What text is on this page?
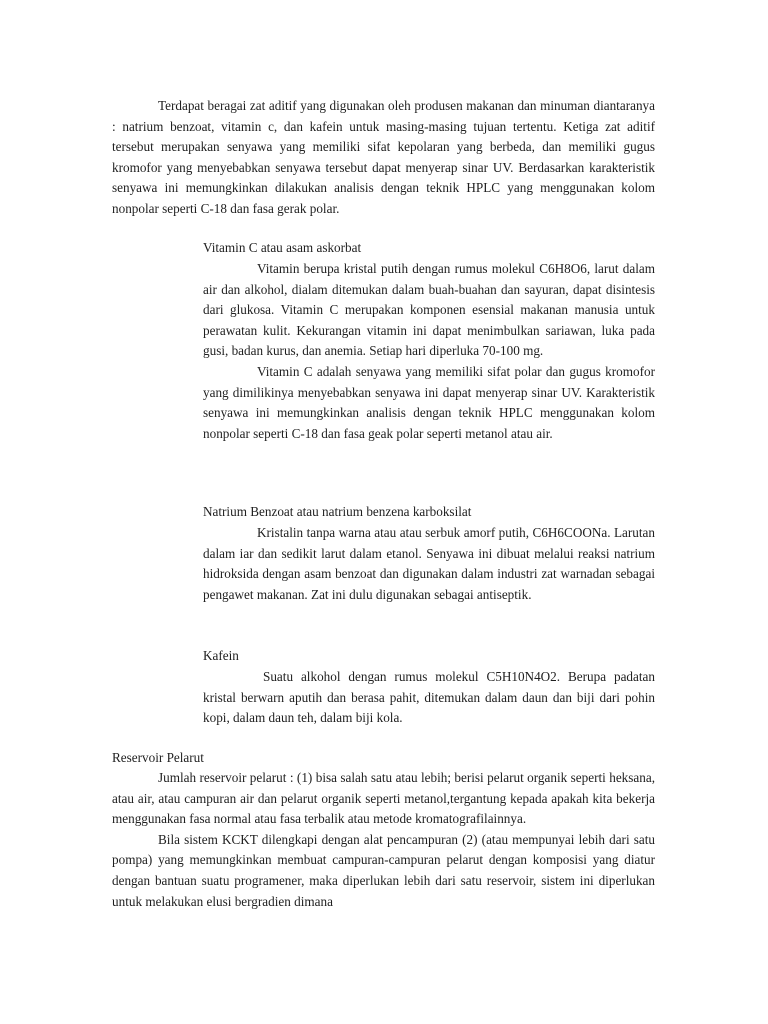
Terdapat beragai zat aditif yang digunakan oleh produsen makanan dan minuman diantaranya : natrium benzoat, vitamin c, dan kafein untuk masing-masing tujuan tertentu. Ketiga zat aditif tersebut merupakan senyawa yang memiliki sifat kepolaran yang berbeda, dan memiliki gugus kromofor yang menyebabkan senyawa tersebut dapat menyerap sinar UV. Berdasarkan karakteristik senyawa ini memungkinkan dilakukan analisis dengan teknik HPLC yang menggunakan kolom nonpolar seperti C-18 dan fasa gerak polar.

Vitamin C atau asam askorbat

Vitamin berupa kristal putih dengan rumus molekul C6H8O6, larut dalam air dan alkohol, dialam ditemukan dalam buah-buahan dan sayuran, dapat disintesis dari glukosa. Vitamin C merupakan komponen esensial makanan manusia untuk perawatan kulit. Kekurangan vitamin ini dapat menimbulkan sariawan, luka pada gusi, badan kurus, dan anemia. Setiap hari diperluka 70-100 mg.

Vitamin C adalah senyawa yang memiliki sifat polar dan gugus kromofor yang dimilikinya menyebabkan senyawa ini dapat menyerap sinar UV. Karakteristik senyawa ini memungkinkan analisis dengan teknik HPLC menggunakan kolom nonpolar seperti C-18 dan fasa geak polar seperti metanol atau air.

Natrium Benzoat atau natrium benzena karboksilat

Kristalin tanpa warna atau atau serbuk amorf putih, C6H6COONa. Larutan dalam iar dan sedikit larut dalam etanol. Senyawa ini dibuat melalui reaksi natrium hidroksida dengan asam benzoat dan digunakan dalam industri zat warnadan sebagai pengawet makanan. Zat ini dulu digunakan sebagai antiseptik.

Kafein

Suatu alkohol dengan rumus molekul C5H10N4O2. Berupa padatan kristal berwarn aputih dan berasa pahit, ditemukan dalam daun dan biji dari pohin kopi, dalam daun teh, dalam biji kola.

Reservoir Pelarut

Jumlah reservoir pelarut : (1) bisa salah satu atau lebih; berisi pelarut organik seperti heksana, atau air, atau campuran air dan pelarut organik seperti metanol,tergantung kepada apakah kita bekerja menggunakan fasa normal atau fasa terbalik atau metode kromatografilainnya.

Bila sistem KCKT dilengkapi dengan alat pencampuran (2) (atau mempunyai lebih dari satu pompa) yang memungkinkan membuat campuran-campuran pelarut dengan komposisi yang diatur dengan bantuan suatu programener, maka diperlukan lebih dari satu reservoir, sistem ini diperlukan untuk melakukan elusi bergradien dimana
